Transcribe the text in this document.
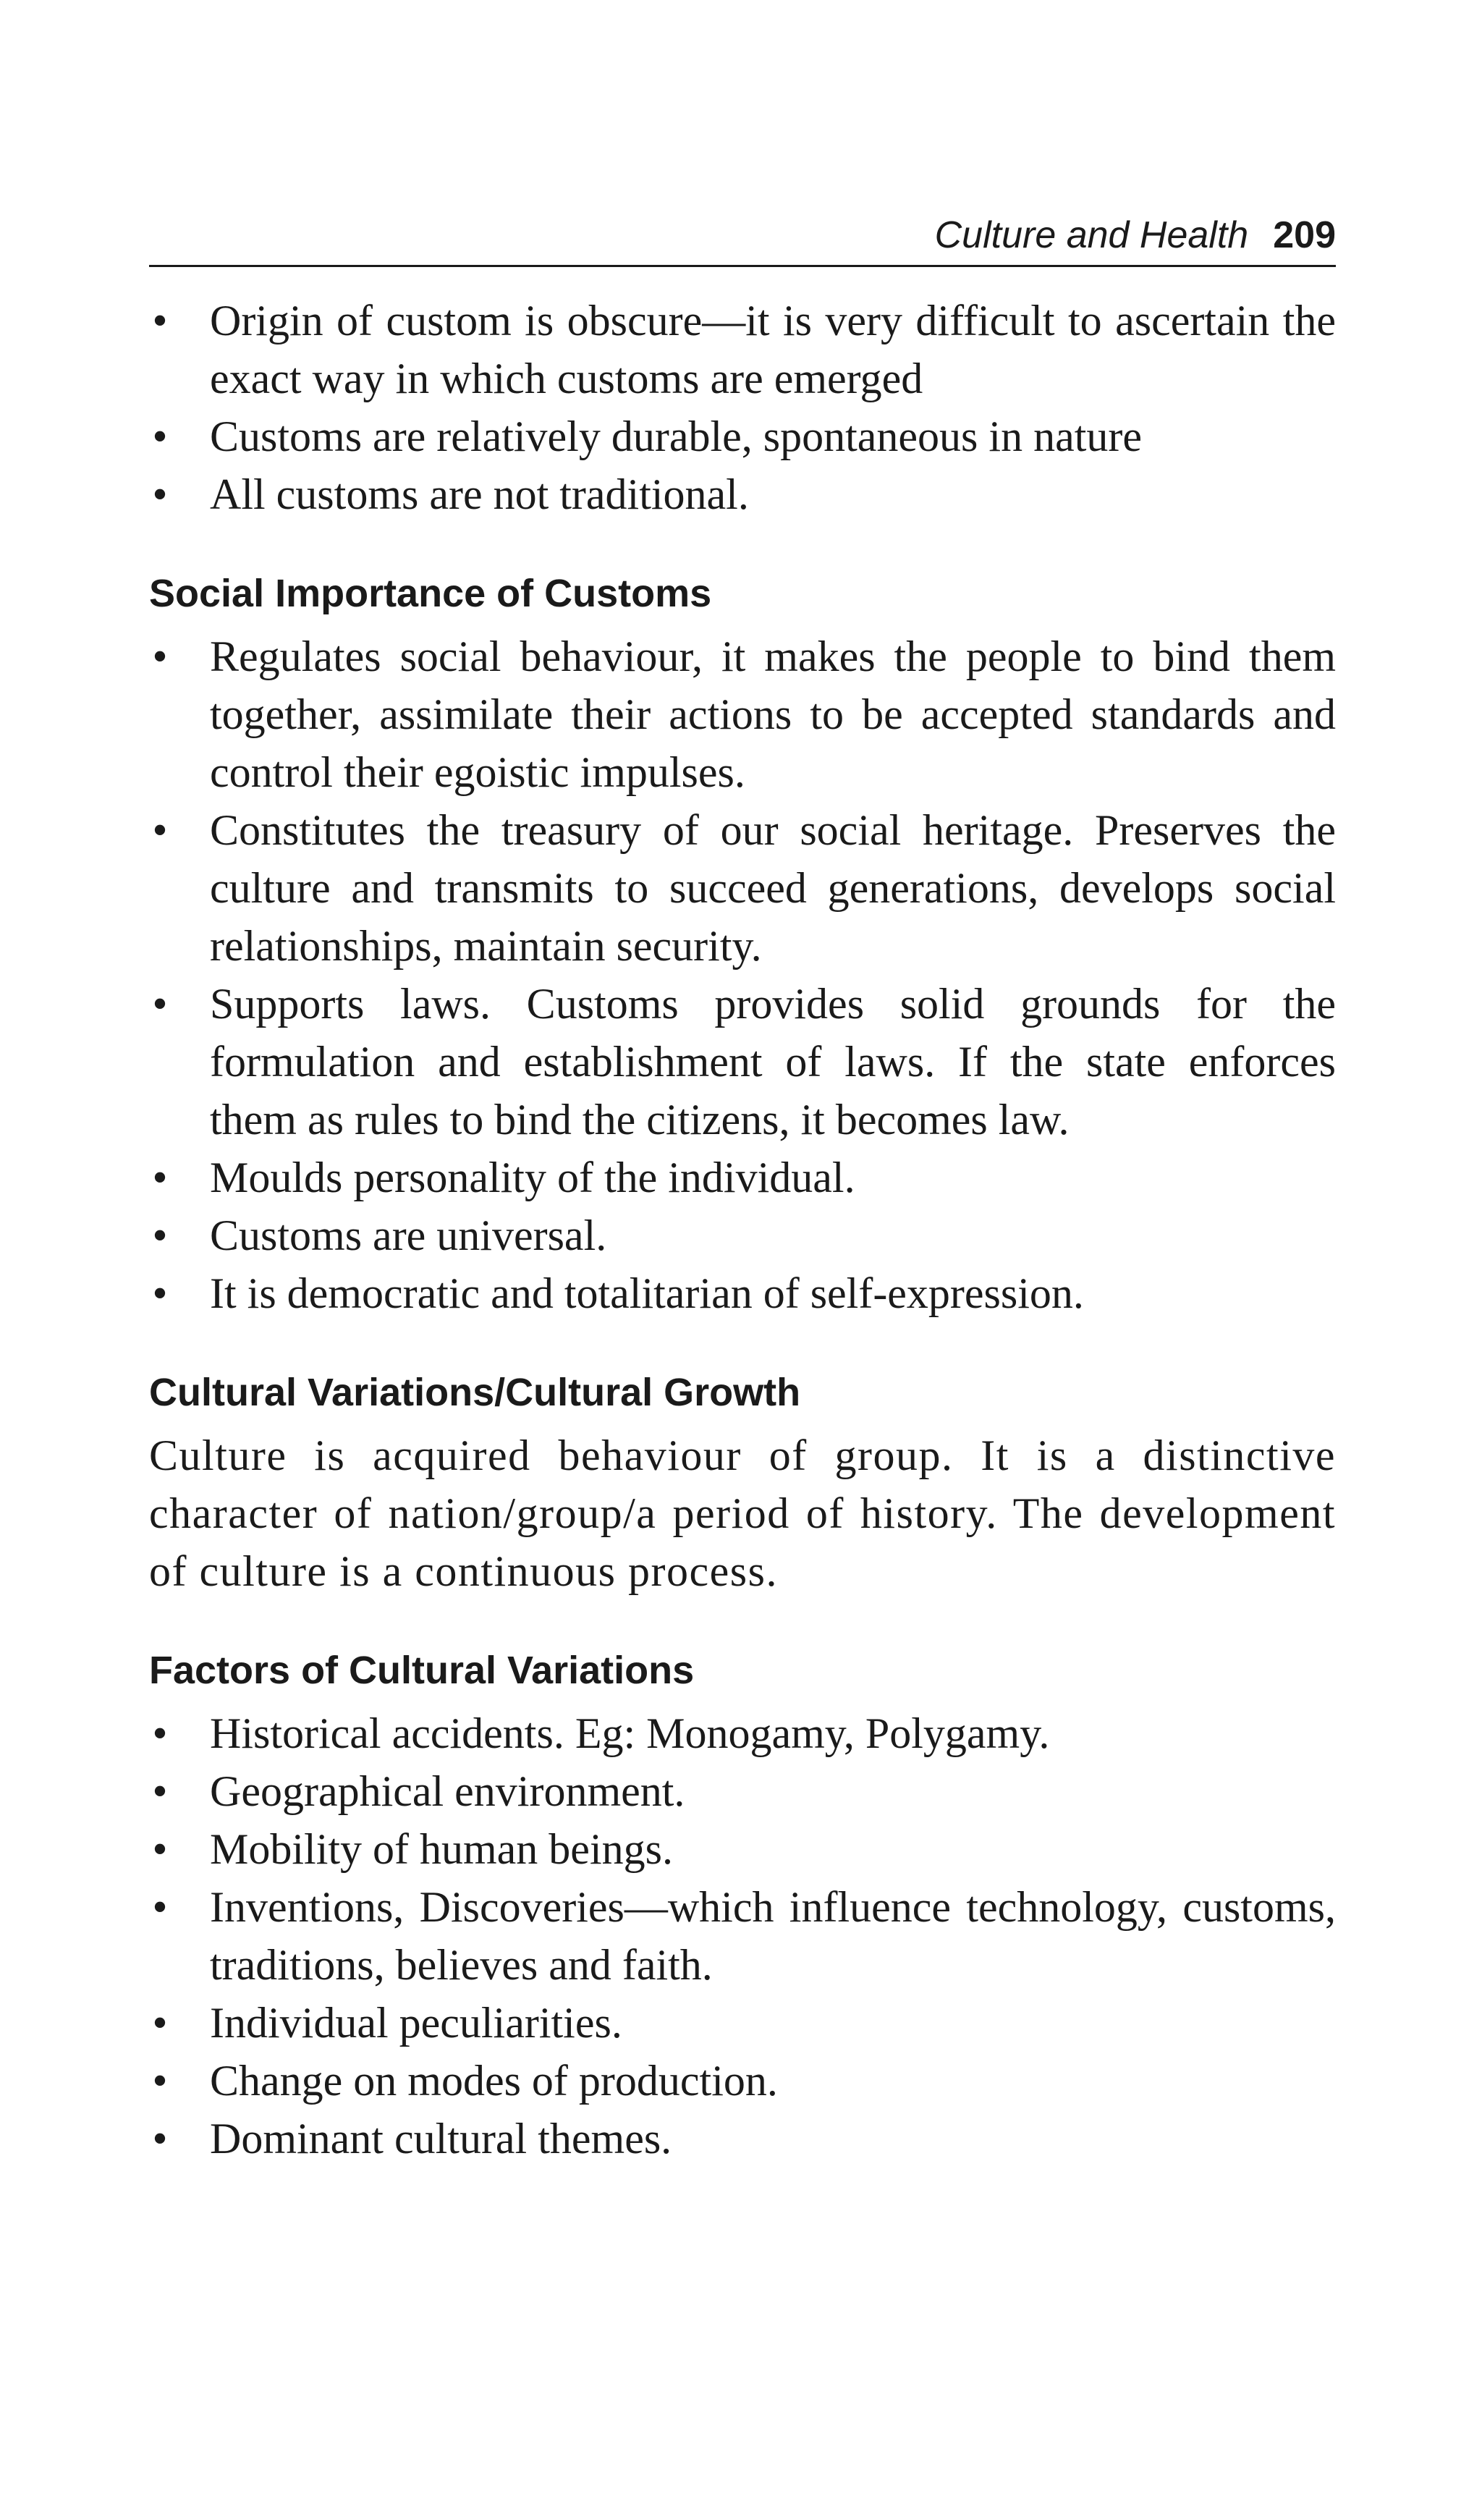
Culture and Health 209
• Origin of custom is obscure—it is very difficult to ascertain the exact way in which customs are emerged
• Customs are relatively durable, spontaneous in nature
• All customs are not traditional.
Social Importance of Customs
• Regulates social behaviour, it makes the people to bind them together, assimilate their actions to be accepted standards and control their egoistic impulses.
• Constitutes the treasury of our social heritage. Preserves the culture and transmits to succeed generations, develops social relationships, maintain security.
• Supports laws. Customs provides solid grounds for the formulation and establishment of laws. If the state enforces them as rules to bind the citizens, it becomes law.
• Moulds personality of the individual.
• Customs are universal.
• It is democratic and totalitarian of self-expression.
Cultural Variations/Cultural Growth

Culture is acquired behaviour of group. It is a distinctive character of nation/group/a period of history. The development of culture is a continuous process.

Factors of Cultural Variations
• Historical accidents. Eg: Monogamy, Polygamy.
• Geographical environment.
• Mobility of human beings.
• Inventions, Discoveries—which influence technology, customs, traditions, believes and faith.
• Individual peculiarities.
• Change on modes of production.
• Dominant cultural themes.
